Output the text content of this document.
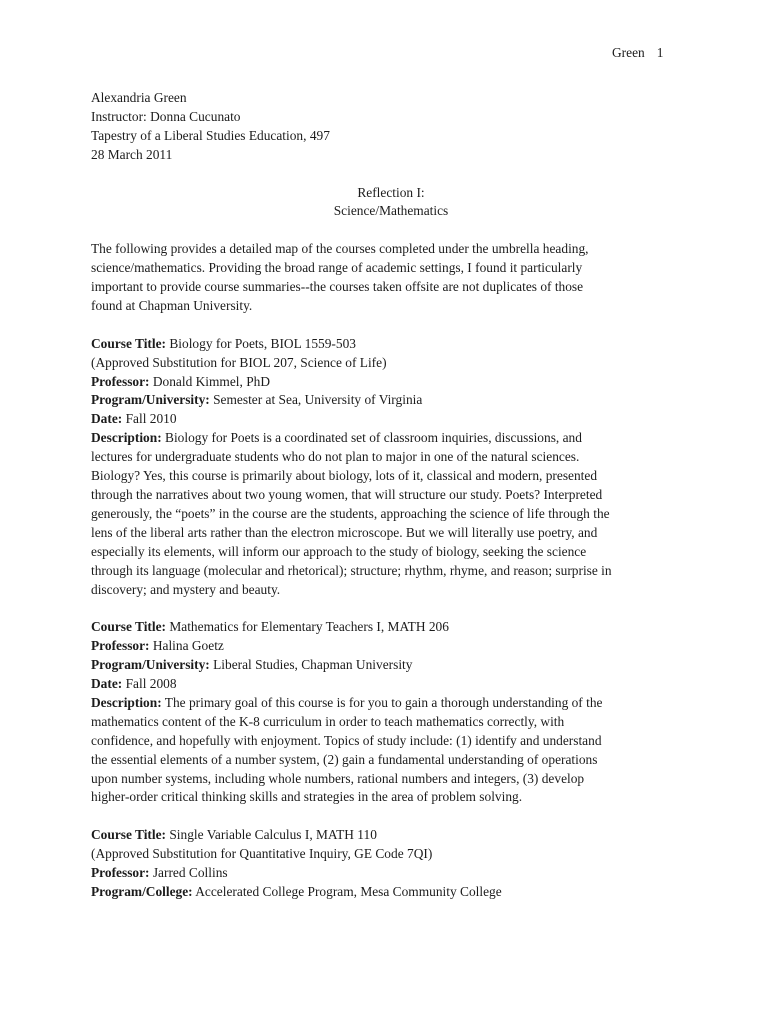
Green 1
Alexandria Green
Instructor: Donna Cucunato
Tapestry of a Liberal Studies Education, 497
28 March 2011
Reflection I:
Science/Mathematics
The following provides a detailed map of the courses completed under the umbrella heading,
science/mathematics. Providing the broad range of academic settings, I found it particularly
important to provide course summaries--the courses taken offsite are not duplicates of those
found at Chapman University.
Course Title: Biology for Poets, BIOL 1559-503
(Approved Substitution for BIOL 207, Science of Life)
Professor: Donald Kimmel, PhD
Program/University: Semester at Sea, University of Virginia
Date: Fall 2010
Description: Biology for Poets is a coordinated set of classroom inquiries, discussions, and
lectures for undergraduate students who do not plan to major in one of the natural sciences.
Biology? Yes, this course is primarily about biology, lots of it, classical and modern, presented
through the narratives about two young women, that will structure our study. Poets? Interpreted
generously, the “poets” in the course are the students, approaching the science of life through the
lens of the liberal arts rather than the electron microscope. But we will literally use poetry, and
especially its elements, will inform our approach to the study of biology, seeking the science
through its language (molecular and rhetorical); structure; rhythm, rhyme, and reason; surprise in
discovery; and mystery and beauty.
Course Title: Mathematics for Elementary Teachers I, MATH 206
Professor: Halina Goetz
Program/University: Liberal Studies, Chapman University
Date: Fall 2008
Description: The primary goal of this course is for you to gain a thorough understanding of the
mathematics content of the K-8 curriculum in order to teach mathematics correctly, with
confidence, and hopefully with enjoyment. Topics of study include: (1) identify and understand
the essential elements of a number system, (2) gain a fundamental understanding of operations
upon number systems, including whole numbers, rational numbers and integers, (3) develop
higher-order critical thinking skills and strategies in the area of problem solving.
Course Title: Single Variable Calculus I, MATH 110
(Approved Substitution for Quantitative Inquiry, GE Code 7QI)
Professor: Jarred Collins
Program/College: Accelerated College Program, Mesa Community College
